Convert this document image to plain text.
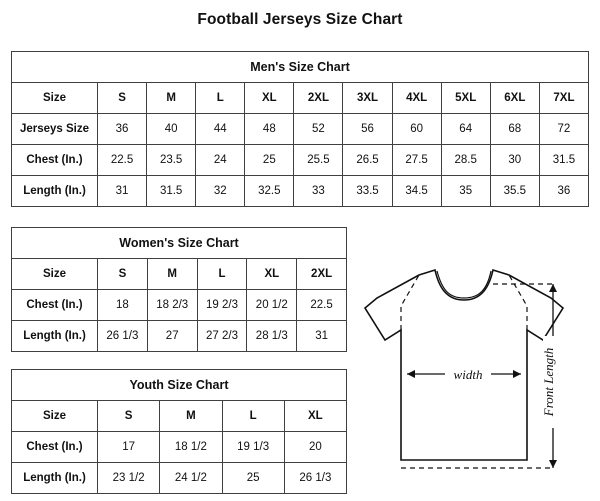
Football Jerseys Size Chart
Men's Size Chart										
Size	S	M	L	XL	2XL	3XL	4XL	5XL	6XL	7XL
Jerseys Size	36	40	44	48	52	56	60	64	68	72
Chest (In.)	22.5	23.5	24	25	25.5	26.5	27.5	28.5	30	31.5
Length (In.)	31	31.5	32	32.5	33	33.5	34.5	35	35.5	36
Women's Size Chart					
Size	S	M	L	XL	2XL
Chest (In.)	18	18 2/3	19 2/3	20 1/2	22.5
Length (In.)	26 1/3	27	27 2/3	28 1/3	31
Youth Size Chart				
Size	S	M	L	XL
Chest (In.)	17	18 1/2	19 1/3	20
Length (In.)	23 1/2	24 1/2	25	26 1/3
width	Front Length
